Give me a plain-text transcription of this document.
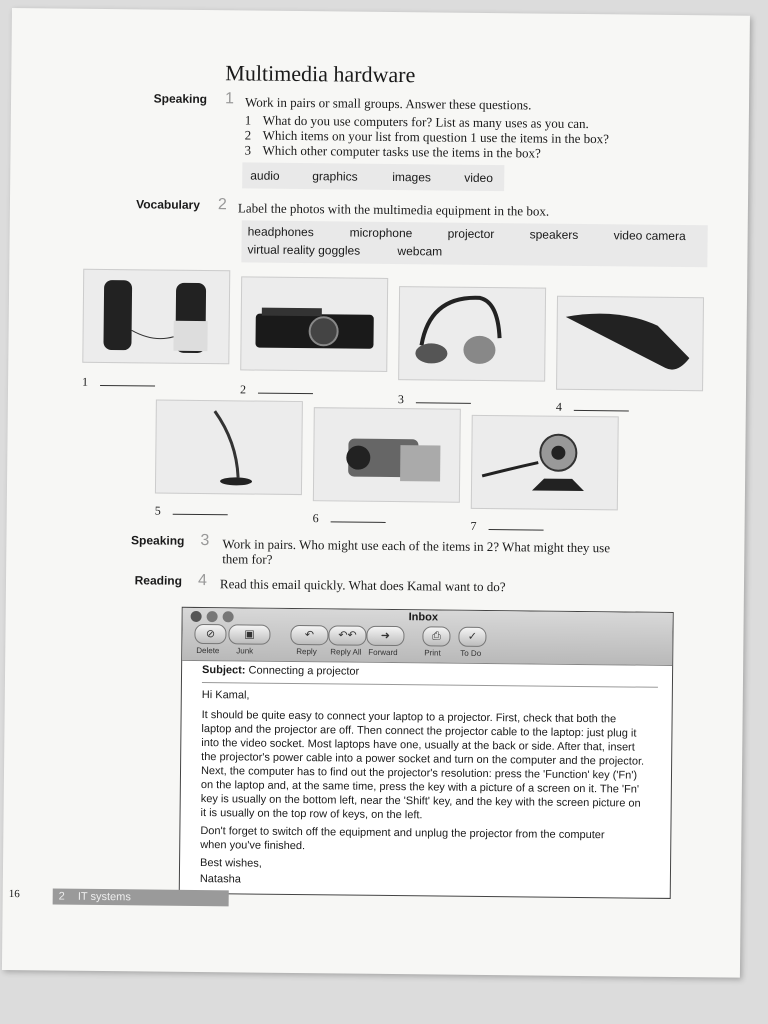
Multimedia hardware
Speaking 1 Work in pairs or small groups. Answer these questions.
1 What do you use computers for? List as many uses as you can.
2 Which items on your list from question 1 use the items in the box?
3 Which other computer tasks use the items in the box?
audio	graphics	images	video
Vocabulary 2 Label the photos with the multimedia equipment in the box.
headphones	microphone	projector	speakers	video camera
virtual reality goggles	webcam
1
2
3
4
5
6
7
Speaking 3 Work in pairs. Who might use each of the items in 2? What might they use
them for?
Reading 4 Read this email quickly. What does Kamal want to do?
Inbox
⊘	▣	↶	↶↶	➜	⎙	✓
Delete Junk	Reply Reply All Forward	Print To Do
Subject: Connecting a projector
Hi Kamal,
It should be quite easy to connect your laptop to a projector. First, check that both the
laptop and the projector are off. Then connect the projector cable to the laptop: just plug it
into the video socket. Most laptops have one, usually at the back or side. After that, insert
the projector's power cable into a power socket and turn on the computer and the projector.
Next, the computer has to find out the projector's resolution: press the 'Function' key ('Fn')
on the laptop and, at the same time, press the key with a picture of a screen on it. The 'Fn'
key is usually on the bottom left, near the 'Shift' key, and the key with the screen picture on
it is usually on the top row of keys, on the left.
Don't forget to switch off the equipment and unplug the projector from the computer
when you've finished.
Best wishes,
Natasha
16	2 IT systems
